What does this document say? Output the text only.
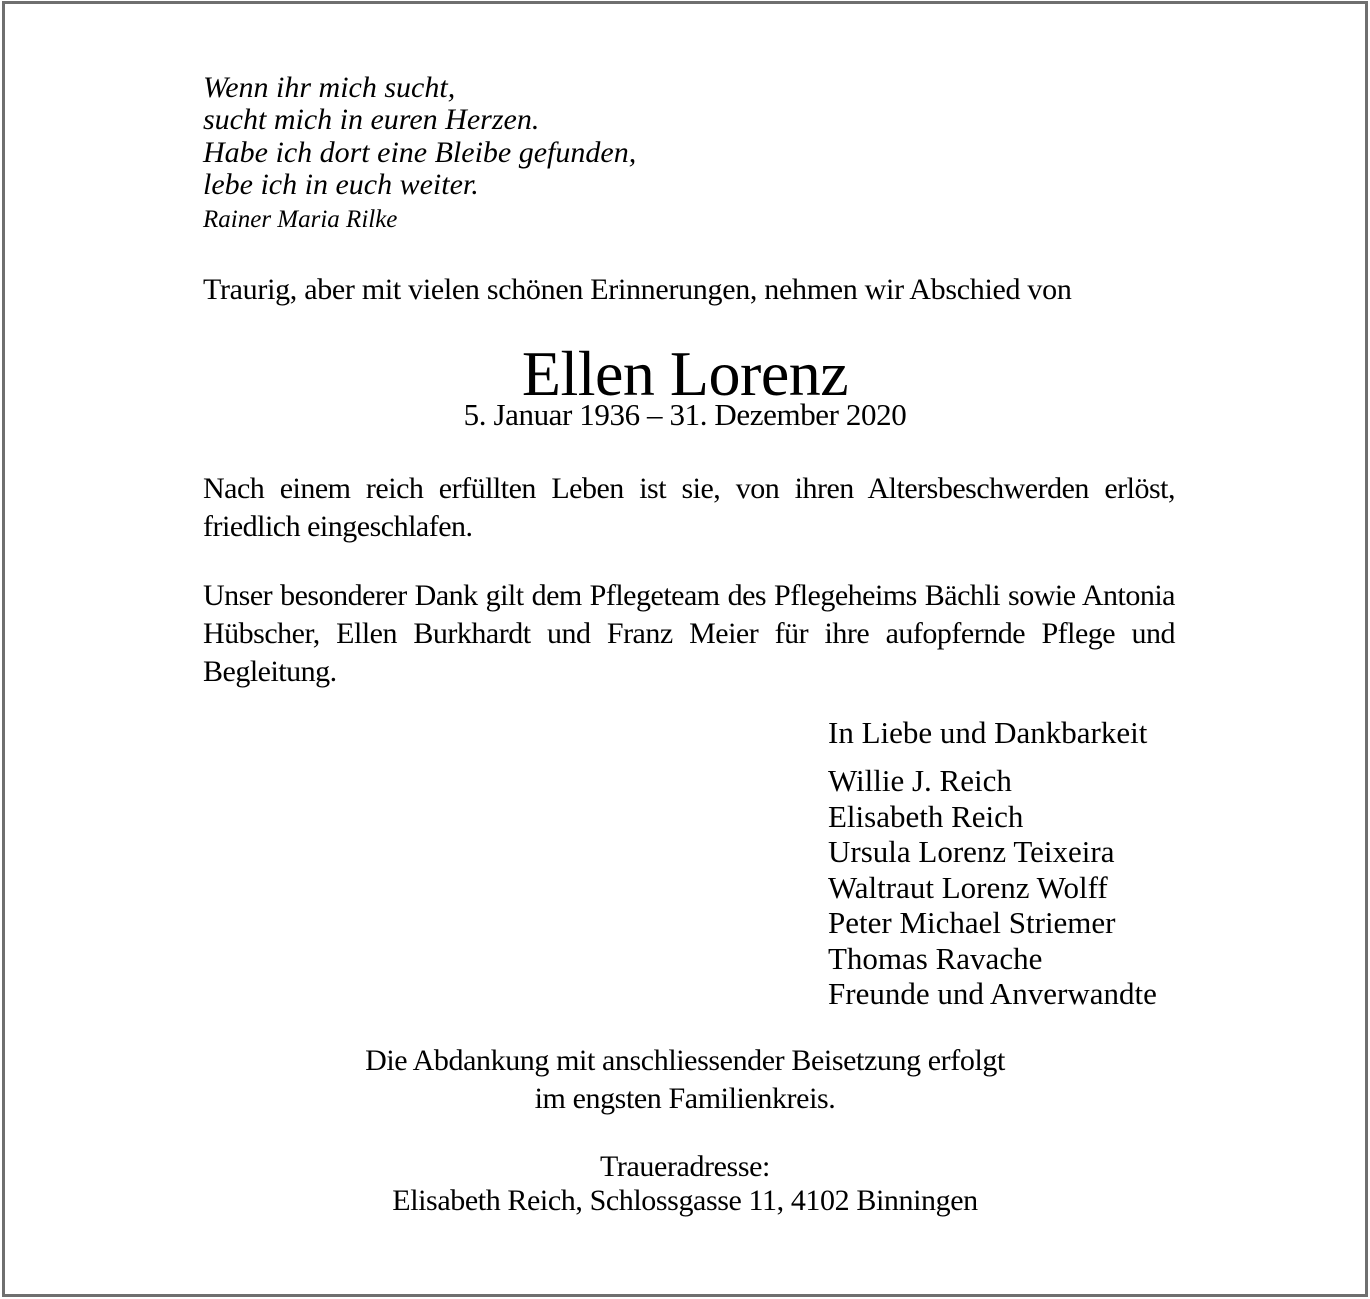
Wenn ihr mich sucht,
sucht mich in euren Herzen.
Habe ich dort eine Bleibe gefunden,
lebe ich in euch weiter.
Rainer Maria Rilke
Traurig, aber mit vielen schönen Erinnerungen, nehmen wir Abschied von
Ellen Lorenz
5. Januar 1936 – 31. Dezember 2020
Nach einem reich erfüllten Leben ist sie, von ihren Altersbeschwerden erlöst, friedlich eingeschlafen.
Unser besonderer Dank gilt dem Pflegeteam des Pflegeheims Bächli sowie Antonia Hübscher, Ellen Burkhardt und Franz Meier für ihre aufopfernde Pflege und Begleitung.
In Liebe und Dankbarkeit
Willie J. Reich
Elisabeth Reich
Ursula Lorenz Teixeira
Waltraut Lorenz Wolff
Peter Michael Striemer
Thomas Ravache
Freunde und Anverwandte
Die Abdankung mit anschliessender Beisetzung erfolgt
im engsten Familienkreis.
Traueradresse:
Elisabeth Reich, Schlossgasse 11, 4102 Binningen
